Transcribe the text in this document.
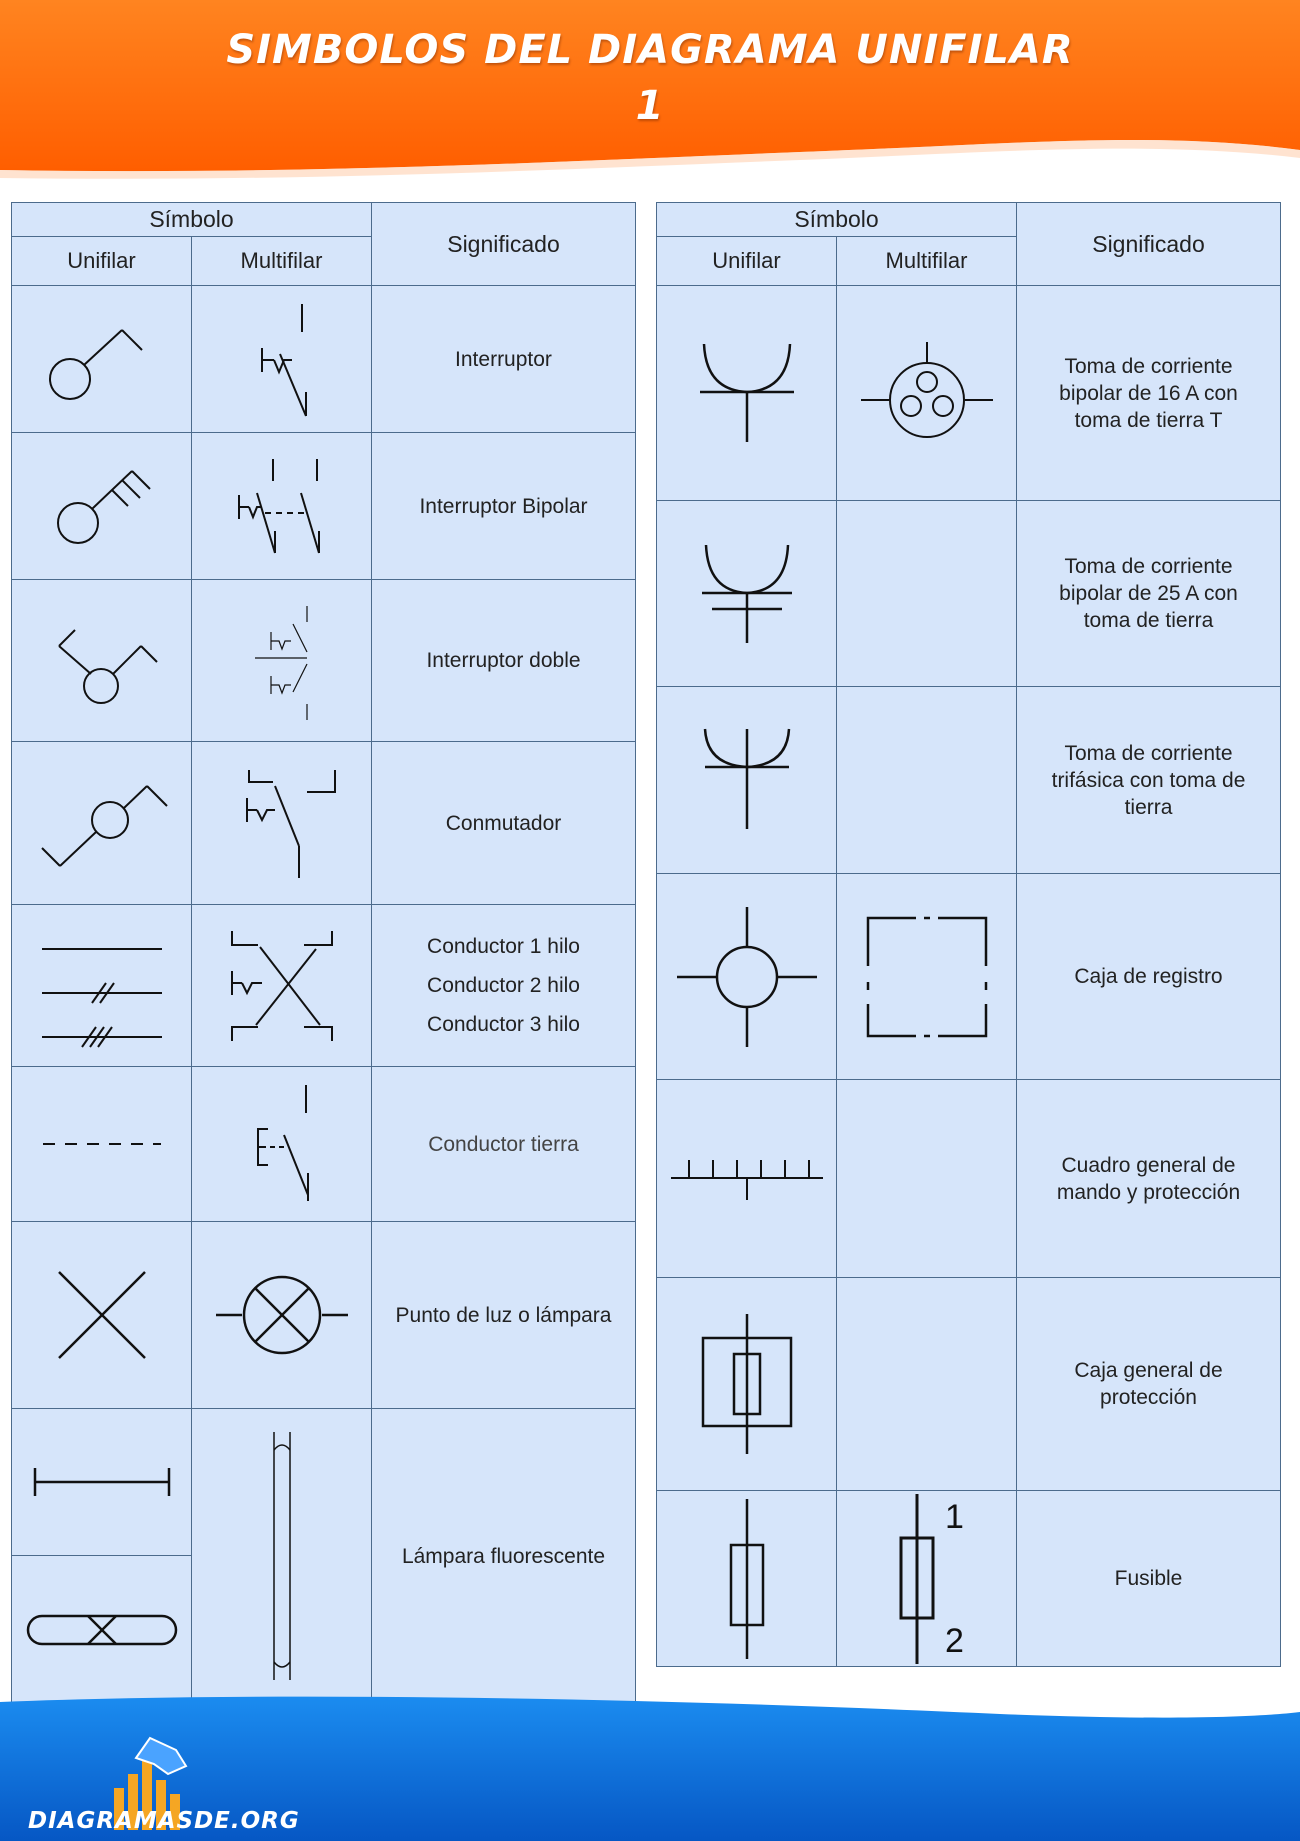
SIMBOLOS DEL DIAGRAMA UNIFILAR
1
Símbolo		Significado
Unifilar	Multifilar	

	Interruptor

	Interruptor Bipolar

	Interruptor doble

	Conmutador

Conductor 1 hilo
Conductor 2 hilo
Conductor 3 hilo

	Conductor tierra

	Punto de luz o lámpara

	Lámpara fluorescente

Símbolo		Significado
Unifilar	Multifilar	

Toma de corriente
bipolar de 16 A con
toma de tierra T

Toma de corriente
bipolar de 25 A con
toma de tierra

Toma de corriente
trifásica con toma de
tierra

Caja de registro

Cuadro general de
mando y protección

Caja general de
protección

1
2	Fusible
DIAGRAMASDE.ORG
